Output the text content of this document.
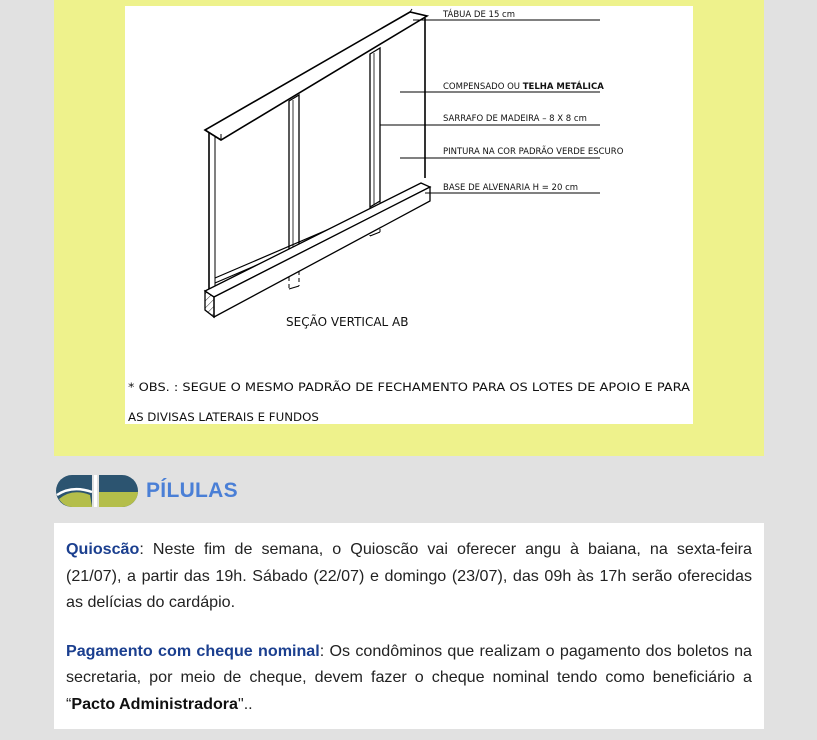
TÁBUA DE 15 cm
COMPENSADO OU TELHA METÁLICA
SARRAFO DE MADEIRA – 8 X 8 cm
PINTURA NA COR PADRÃO VERDE ESCURO
BASE DE ALVENARIA H = 20 cm
SEÇÃO VERTICAL AB
* OBS. : SEGUE O MESMO PADRÃO DE FECHAMENTO PARA OS LOTES DE APOIO E PARA
AS DIVISAS LATERAIS E FUNDOS
PÍLULAS

Quioscão: Neste fim de semana, o Quioscão vai oferecer angu à baiana, na sexta-feira (21/07), a partir das 19h. Sábado (22/07) e domingo (23/07), das 09h às 17h serão oferecidas as delícias do cardápio.

Pagamento com cheque nominal: Os condôminos que realizam o pagamento dos boletos na secretaria, por meio de cheque, devem fazer o cheque nominal tendo como beneficiário a “Pacto Administradora"..
